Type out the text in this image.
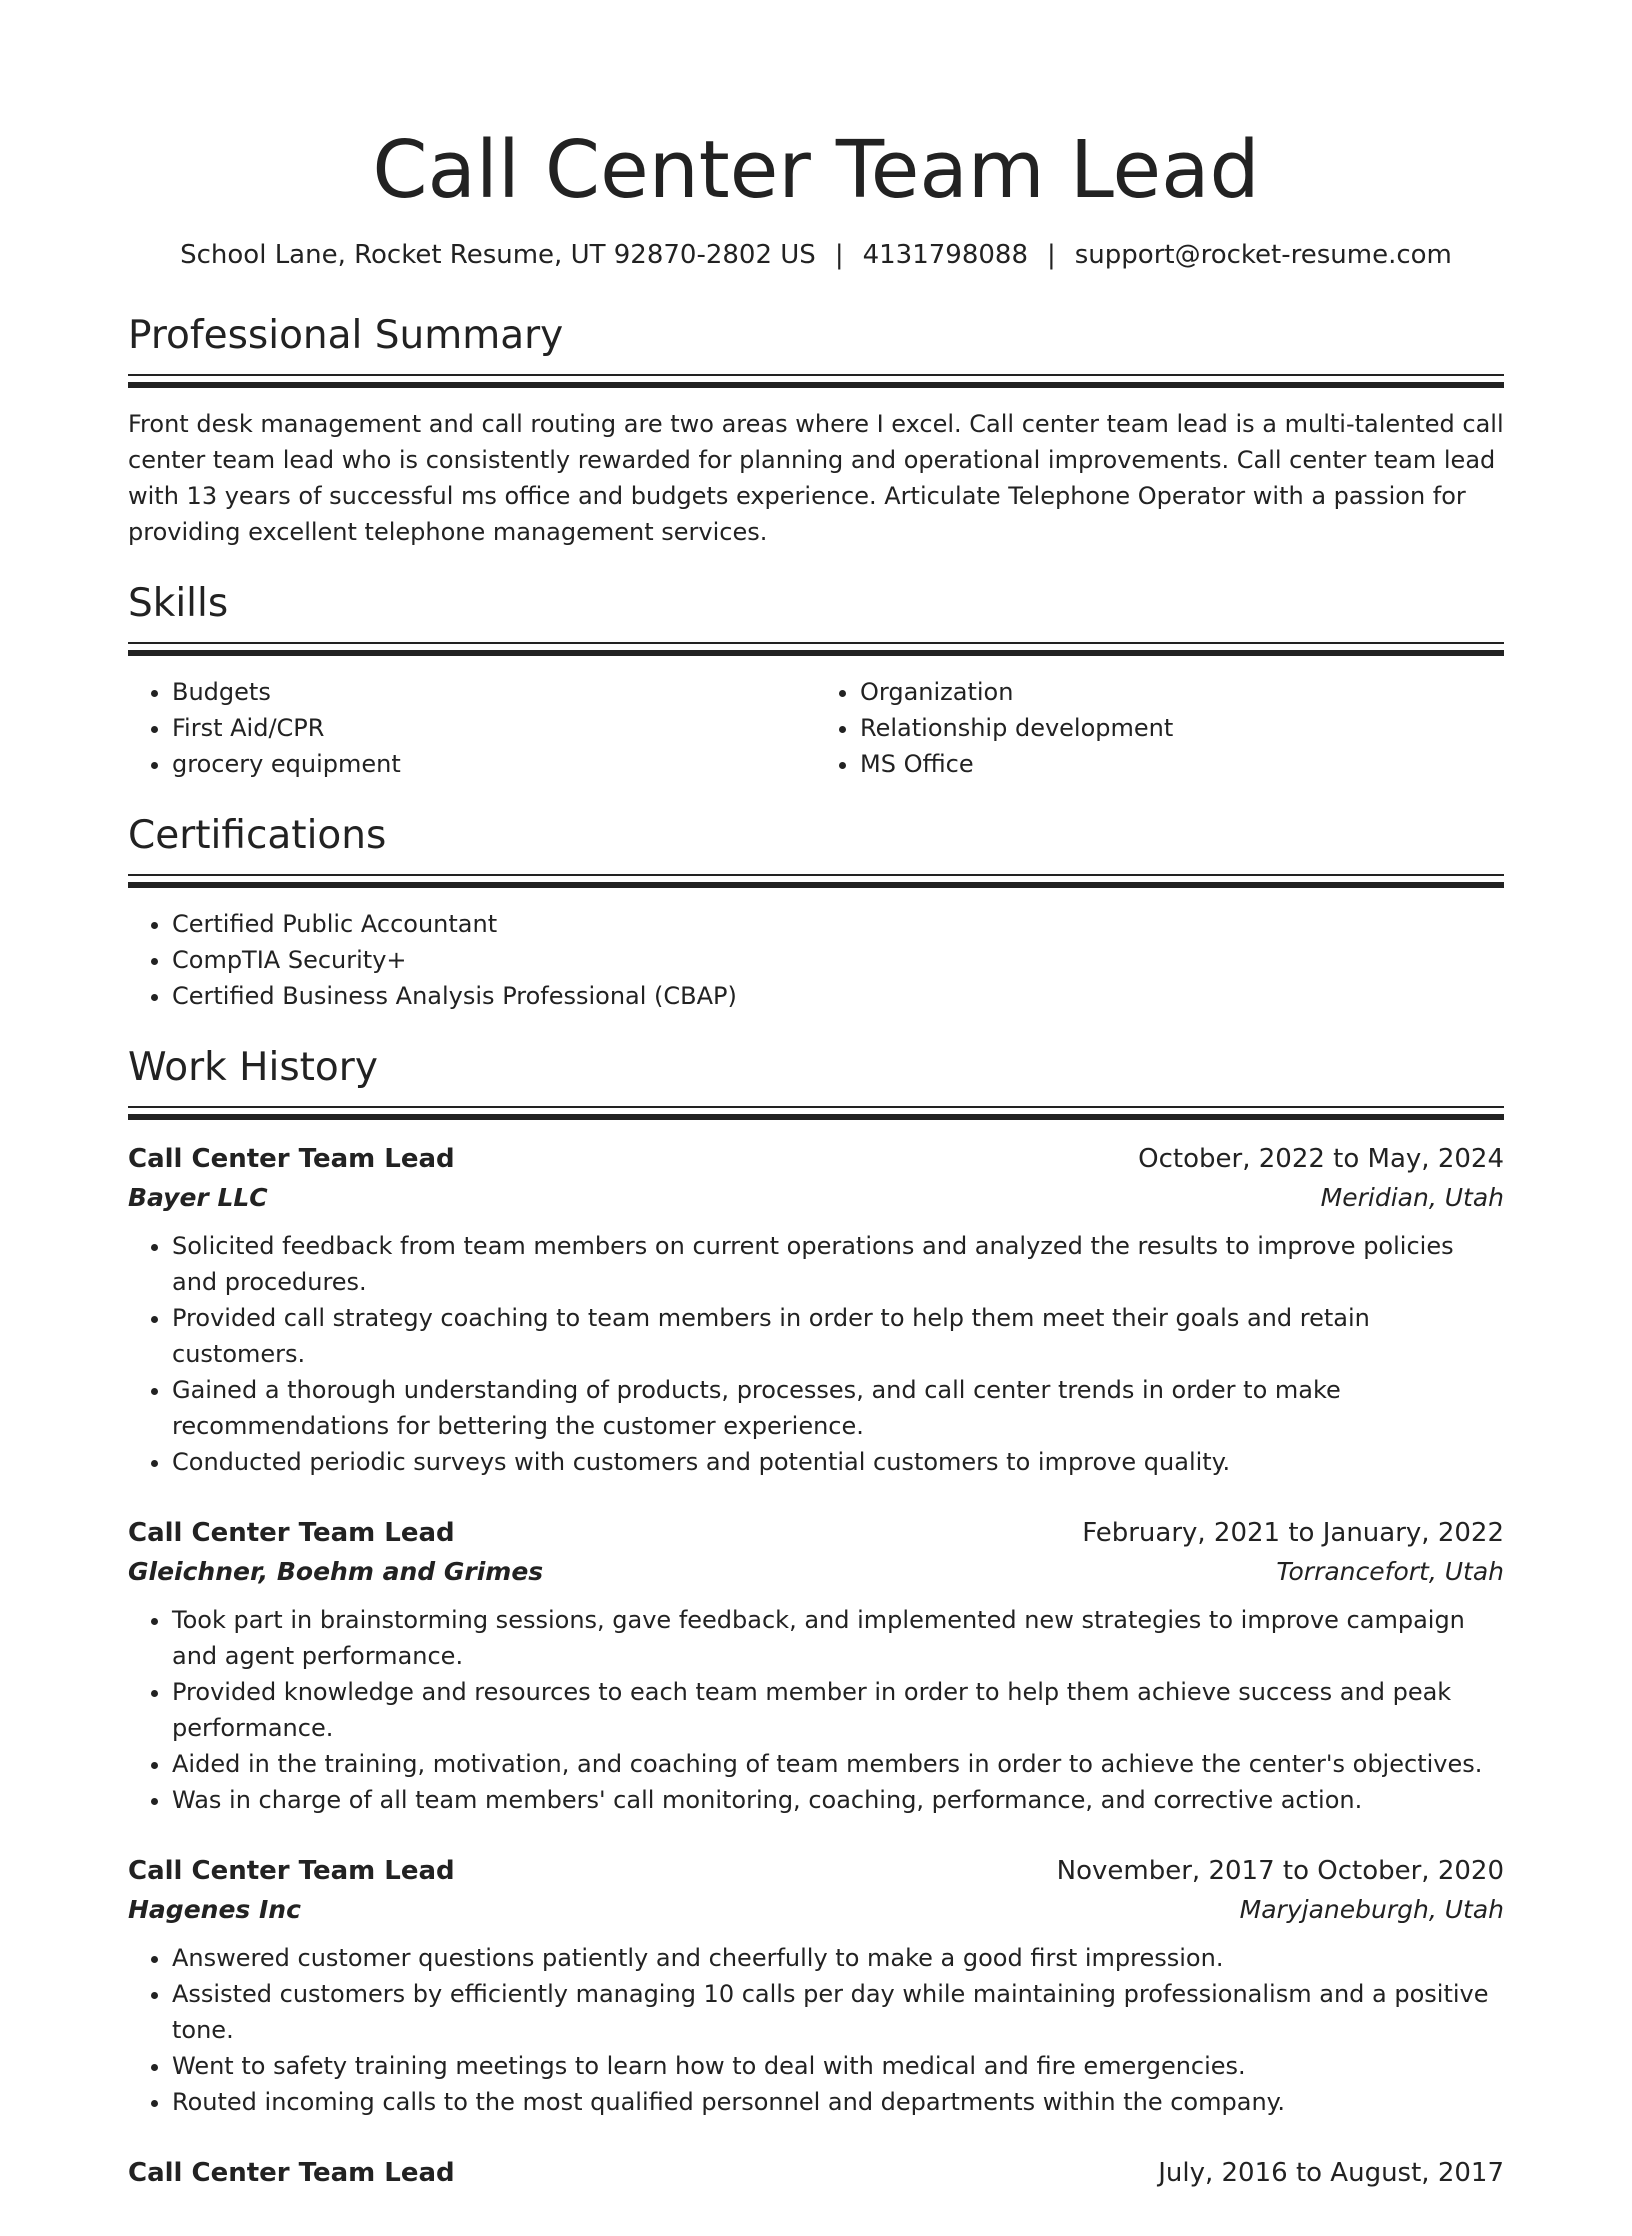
Call Center Team Lead
School Lane, Rocket Resume, UT 92870-2802 US | 4131798088 | support@rocket-resume.com
Professional Summary

Front desk management and call routing are two areas where I excel. Call center team lead is a multi-talented call center team lead who is consistently rewarded for planning and operational improvements. Call center team lead with 13 years of successful ms office and budgets experience. Articulate Telephone Operator with a passion for providing excellent telephone management services.

Skills
• Budgets
• First Aid/CPR
• grocery equipment
• Organization
• Relationship development
• MS Office
Certifications
• Certified Public Accountant
• CompTIA Security+
• Certified Business Analysis Professional (CBAP)
Work History
Call Center Team Lead	October, 2022 to May, 2024
Bayer LLC	Meridian, Utah
• Solicited feedback from team members on current operations and analyzed the results to improve policies and procedures.
• Provided call strategy coaching to team members in order to help them meet their goals and retain customers.
• Gained a thorough understanding of products, processes, and call center trends in order to make recommendations for bettering the customer experience.
• Conducted periodic surveys with customers and potential customers to improve quality.
Call Center Team Lead	February, 2021 to January, 2022
Gleichner, Boehm and Grimes	Torrancefort, Utah
• Took part in brainstorming sessions, gave feedback, and implemented new strategies to improve campaign and agent performance.
• Provided knowledge and resources to each team member in order to help them achieve success and peak performance.
• Aided in the training, motivation, and coaching of team members in order to achieve the center's objectives.
• Was in charge of all team members' call monitoring, coaching, performance, and corrective action.
Call Center Team Lead	November, 2017 to October, 2020
Hagenes Inc	Maryjaneburgh, Utah
• Answered customer questions patiently and cheerfully to make a good first impression.
• Assisted customers by efficiently managing 10 calls per day while maintaining professionalism and a positive tone.
• Went to safety training meetings to learn how to deal with medical and fire emergencies.
• Routed incoming calls to the most qualified personnel and departments within the company.
Call Center Team Lead	July, 2016 to August, 2017
